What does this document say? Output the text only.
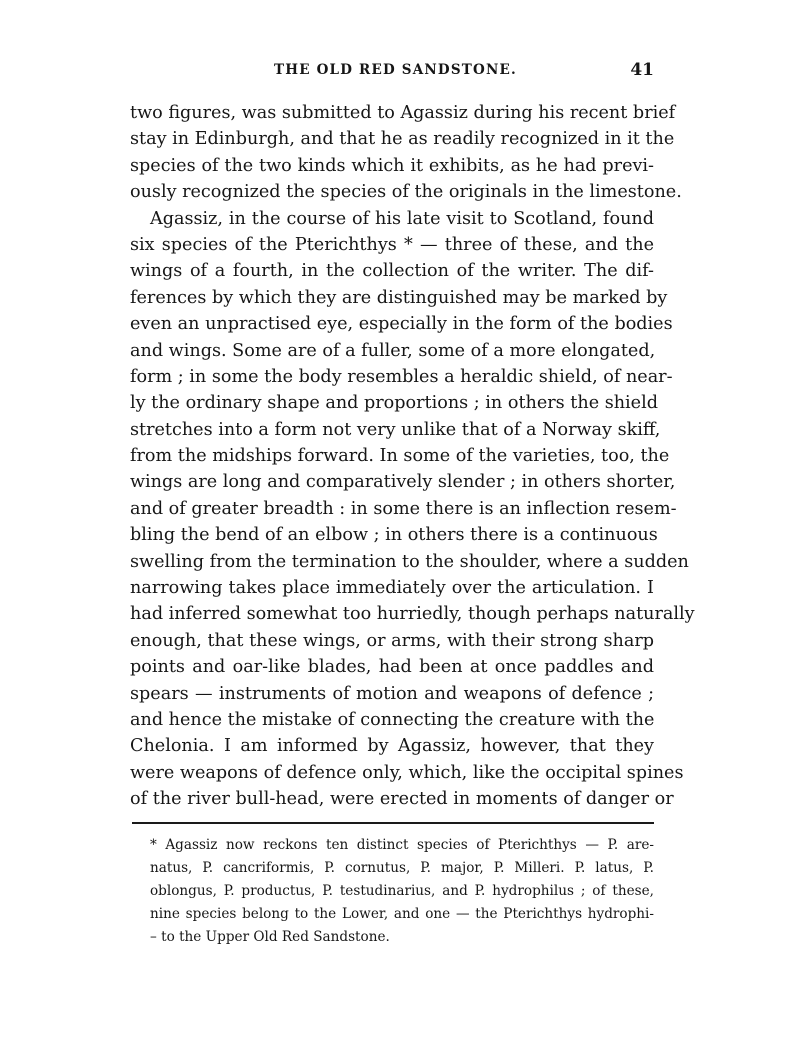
THE OLD RED SANDSTONE.	41
two figures, was submitted to Agassiz during his recent brief
stay in Edinburgh, and that he as readily recognized in it the
species of the two kinds which it exhibits, as he had previ-
ously recognized the species of the originals in the limestone.
Agassiz, in the course of his late visit to Scotland, found
six species of the Pterichthys * — three of these, and the
wings of a fourth, in the collection of the writer. The dif-
ferences by which they are distinguished may be marked by
even an unpractised eye, especially in the form of the bodies
and wings. Some are of a fuller, some of a more elongated,
form ; in some the body resembles a heraldic shield, of near-
ly the ordinary shape and proportions ; in others the shield
stretches into a form not very unlike that of a Norway skiff,
from the midships forward. In some of the varieties, too, the
wings are long and comparatively slender ; in others shorter,
and of greater breadth : in some there is an inflection resem-
bling the bend of an elbow ; in others there is a continuous
swelling from the termination to the shoulder, where a sudden
narrowing takes place immediately over the articulation. I
had inferred somewhat too hurriedly, though perhaps naturally
enough, that these wings, or arms, with their strong sharp
points and oar-like blades, had been at once paddles and
spears — instruments of motion and weapons of defence ;
and hence the mistake of connecting the creature with the
Chelonia. I am informed by Agassiz, however, that they
were weapons of defence only, which, like the occipital spines
of the river bull-head, were erected in moments of danger or
* Agassiz now reckons ten distinct species of Pterichthys — P. are-
natus, P. cancriformis, P. cornutus, P. major, P. Milleri. P. latus, P.
oblongus, P. productus, P. testudinarius, and P. hydrophilus ; of these,
nine species belong to the Lower, and one — the Pterichthys hydrophi-
– to the Upper Old Red Sandstone.
